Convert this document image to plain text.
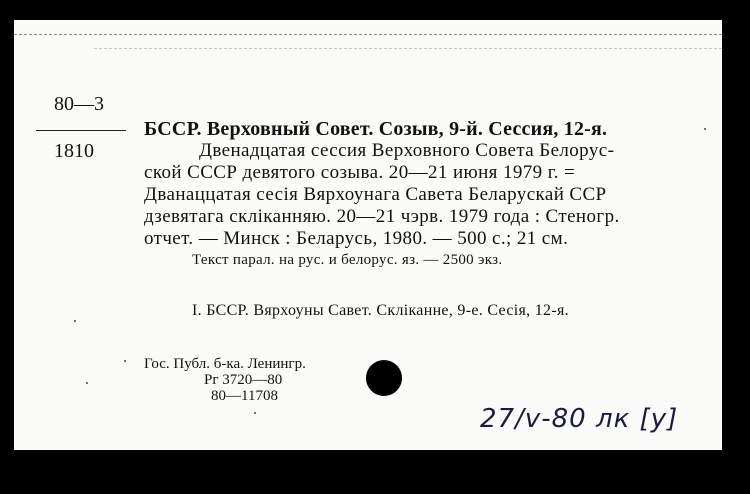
80—3
1810
БССР. Верховный Совет. Созыв, 9-й. Сессия, 12-я.
Двенадцатая сессия Верховного Совета Белорус-
ской ССCР девятого созыва. 20—21 июня 1979 г. =
Дванаццатая сесія Вярхоунага Савета Беларускай ССР
дзевятага скліканняю. 20—21 чэрв. 1979 года : Стеногр.
отчет. — Минск : Беларусь, 1980. — 500 с.; 21 см.
Текст парал. на рус. и белорус. яз. — 2500 экз.
I. БССР. Вярхоуны Савет. Скліканне, 9-е. Сесія, 12-я.
Гос. Публ. б-ка. Ленингр.
Рг 3720—80
80—11708
27/v-80 лк [у]
